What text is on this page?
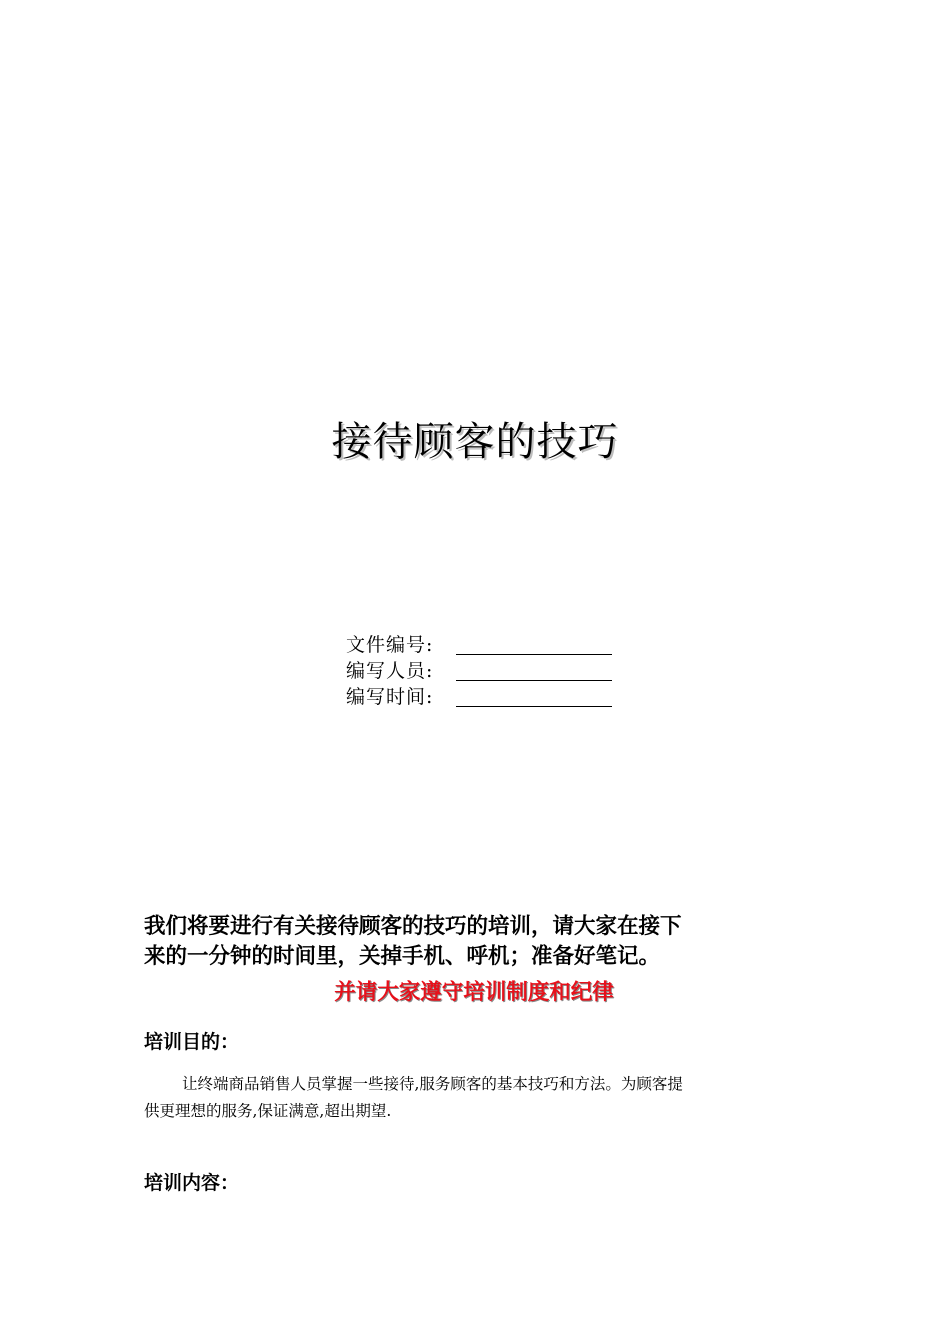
接待顾客的技巧
文件编号:
编写人员:
编写时间:

我们将要进行有关接待顾客的技巧的培训，请大家在接下
来的一分钟的时间里，关掉手机、呼机；准备好笔记。

并请大家遵守培训制度和纪律

培训目的：

让终端商品销售人员掌握一些接待,服务顾客的基本技巧和方法。为顾客提
供更理想的服务,保证满意,超出期望.

培训内容：
